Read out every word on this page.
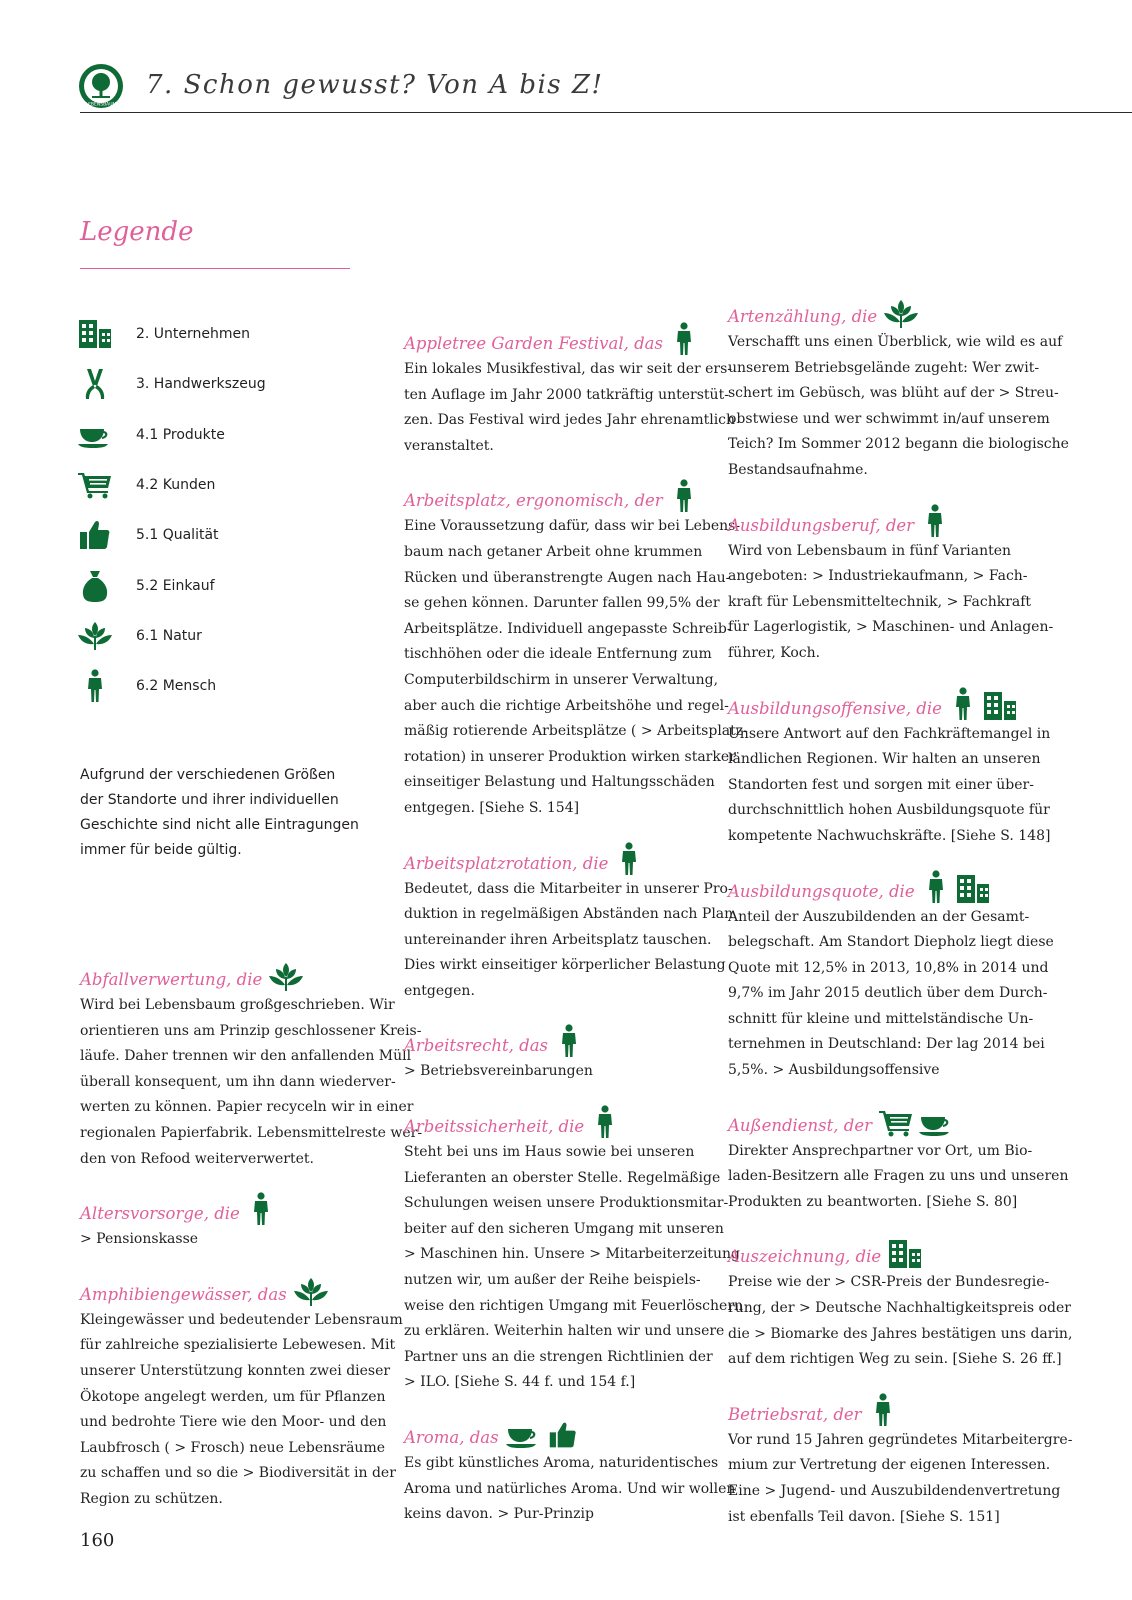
LEBENSBAUM
7. Schon gewusst? Von A bis Z!
Legende
2. Unternehmen
3. Handwerkszeug
4.1 Produkte
4.2 Kunden
5.1 Qualität
5.2 Einkauf
6.1 Natur
6.2 Mensch
Aufgrund der verschiedenen Größen
der Standorte und ihrer individuellen
Geschichte sind nicht alle Eintragungen
immer für beide gültig.
Abfallverwertung, die
Wird bei Lebensbaum großgeschrieben. Wir
orientieren uns am Prinzip geschlossener Kreis-
läufe. Daher trennen wir den anfallenden Müll
überall konsequent, um ihn dann wiederver-
werten zu können. Papier recyceln wir in einer
regionalen Papierfabrik. Lebensmittelreste wer-
den von Refood weiterverwertet.
Altersvorsorge, die
> Pensionskasse
Amphibiengewässer, das
Kleingewässer und bedeutender Lebensraum
für zahlreiche spezialisierte Lebewesen. Mit
unserer Unterstützung konnten zwei dieser
Ökotope angelegt werden, um für Pflanzen
und bedrohte Tiere wie den Moor- und den
Laubfrosch ( > Frosch) neue Lebensräume
zu schaffen und so die > Biodiversität in der
Region zu schützen.
Appletree Garden Festival, das
Ein lokales Musikfestival, das wir seit der ers-
ten Auflage im Jahr 2000 tatkräftig unterstüt-
zen. Das Festival wird jedes Jahr ehrenamtlich
veranstaltet.
Arbeitsplatz, ergonomisch, der
Eine Voraussetzung dafür, dass wir bei Lebens-
baum nach getaner Arbeit ohne krummen
Rücken und überanstrengte Augen nach Hau-
se gehen können. Darunter fallen 99,5% der
Arbeitsplätze. Individuell angepasste Schreib-
tischhöhen oder die ideale Entfernung zum
Computerbildschirm in unserer Verwaltung,
aber auch die richtige Arbeitshöhe und regel-
mäßig rotierende Arbeitsplätze ( > Arbeitsplatz-
rotation) in unserer Produktion wirken starker
einseitiger Belastung und Haltungsschäden
entgegen. [Siehe S. 154]
Arbeitsplatzrotation, die
Bedeutet, dass die Mitarbeiter in unserer Pro-
duktion in regelmäßigen Abständen nach Plan
untereinander ihren Arbeitsplatz tauschen.
Dies wirkt einseitiger körperlicher Belastung
entgegen.
Arbeitsrecht, das
> Betriebsvereinbarungen
Arbeitssicherheit, die
Steht bei uns im Haus sowie bei unseren
Lieferanten an oberster Stelle. Regelmäßige
Schulungen weisen unsere Produktionsmitar-
beiter auf den sicheren Umgang mit unseren
> Maschinen hin. Unsere > Mitarbeiterzeitung
nutzen wir, um außer der Reihe beispiels-
weise den richtigen Umgang mit Feuerlöschern
zu erklären. Weiterhin halten wir und unsere
Partner uns an die strengen Richtlinien der
> ILO. [Siehe S. 44 f. und 154 f.]
Aroma, das
Es gibt künstliches Aroma, naturidentisches
Aroma und natürliches Aroma. Und wir wollen
keins davon. > Pur-Prinzip
Artenzählung, die
Verschafft uns einen Überblick, wie wild es auf
unserem Betriebsgelände zugeht: Wer zwit-
schert im Gebüsch, was blüht auf der > Streu-
obstwiese und wer schwimmt in/auf unserem
Teich? Im Sommer 2012 begann die biologische
Bestandsaufnahme.
Ausbildungsberuf, der
Wird von Lebensbaum in fünf Varianten
angeboten: > Industriekaufmann, > Fach-
kraft für Lebensmitteltechnik, > Fachkraft
für Lagerlogistik, > Maschinen- und Anlagen-
führer, Koch.
Ausbildungsoffensive, die
Unsere Antwort auf den Fachkräftemangel in
ländlichen Regionen. Wir halten an unseren
Standorten fest und sorgen mit einer über-
durchschnittlich hohen Ausbildungsquote für
kompetente Nachwuchskräfte. [Siehe S. 148]
Ausbildungsquote, die
Anteil der Auszubildenden an der Gesamt-
belegschaft. Am Standort Diepholz liegt diese
Quote mit 12,5% in 2013, 10,8% in 2014 und
9,7% im Jahr 2015 deutlich über dem Durch-
schnitt für kleine und mittelständische Un-
ternehmen in Deutschland: Der lag 2014 bei
5,5%. > Ausbildungsoffensive
Außendienst, der
Direkter Ansprechpartner vor Ort, um Bio-
laden-Besitzern alle Fragen zu uns und unseren
Produkten zu beantworten. [Siehe S. 80]
Auszeichnung, die
Preise wie der > CSR-Preis der Bundesregie-
rung, der > Deutsche Nachhaltigkeitspreis oder
die > Biomarke des Jahres bestätigen uns darin,
auf dem richtigen Weg zu sein. [Siehe S. 26 ff.]
Betriebsrat, der
Vor rund 15 Jahren gegründetes Mitarbeitergre-
mium zur Vertretung der eigenen Interessen.
Eine > Jugend- und Auszubildendenvertretung
ist ebenfalls Teil davon. [Siehe S. 151]
160
